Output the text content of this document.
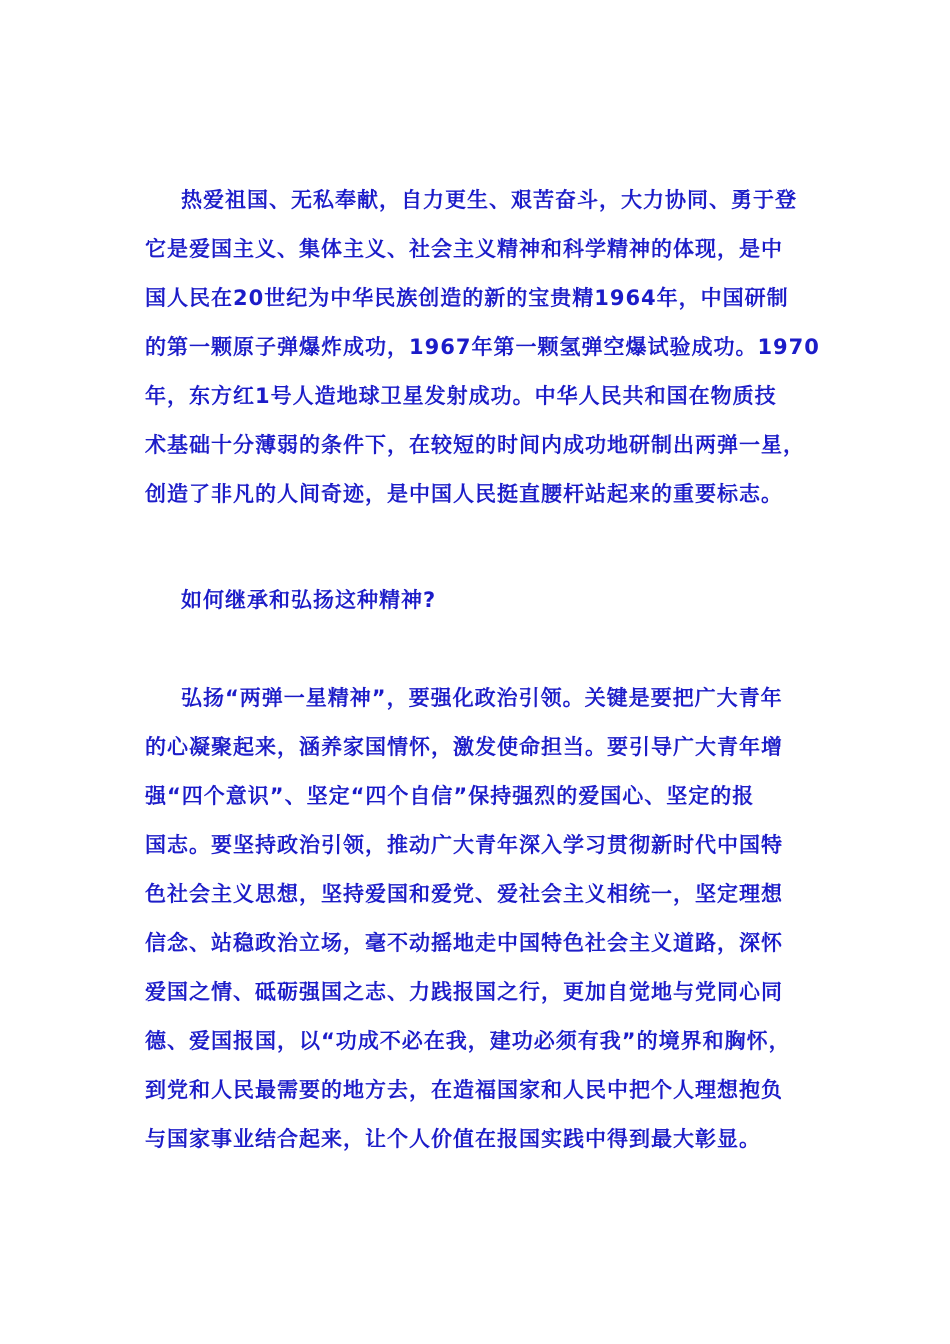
热爱祖国、无私奉献，自力更生、艰苦奋斗，大力协同、勇于登
它是爱国主义、集体主义、社会主义精神和科学精神的体现，是中
国人民在20世纪为中华民族创造的新的宝贵精1964年，中国研制
的第一颗原子弹爆炸成功，1967年第一颗氢弹空爆试验成功。1970
年，东方红1号人造地球卫星发射成功。中华人民共和国在物质技
术基础十分薄弱的条件下，在较短的时间内成功地研制出两弹一星，
创造了非凡的人间奇迹，是中国人民挺直腰杆站起来的重要标志。
如何继承和弘扬这种精神?
弘扬“两弹一星精神”，要强化政治引领。关键是要把广大青年
的心凝聚起来，涵养家国情怀，激发使命担当。要引导广大青年增
强“四个意识”、坚定“四个自信”保持强烈的爱国心、坚定的报
国志。要坚持政治引领，推动广大青年深入学习贯彻新时代中国特
色社会主义思想，坚持爱国和爱党、爱社会主义相统一，坚定理想
信念、站稳政治立场，毫不动摇地走中国特色社会主义道路，深怀
爱国之情、砥砺强国之志、力践报国之行，更加自觉地与党同心同
德、爱国报国，以“功成不必在我，建功必须有我”的境界和胸怀，
到党和人民最需要的地方去，在造福国家和人民中把个人理想抱负
与国家事业结合起来，让个人价值在报国实践中得到最大彰显。
